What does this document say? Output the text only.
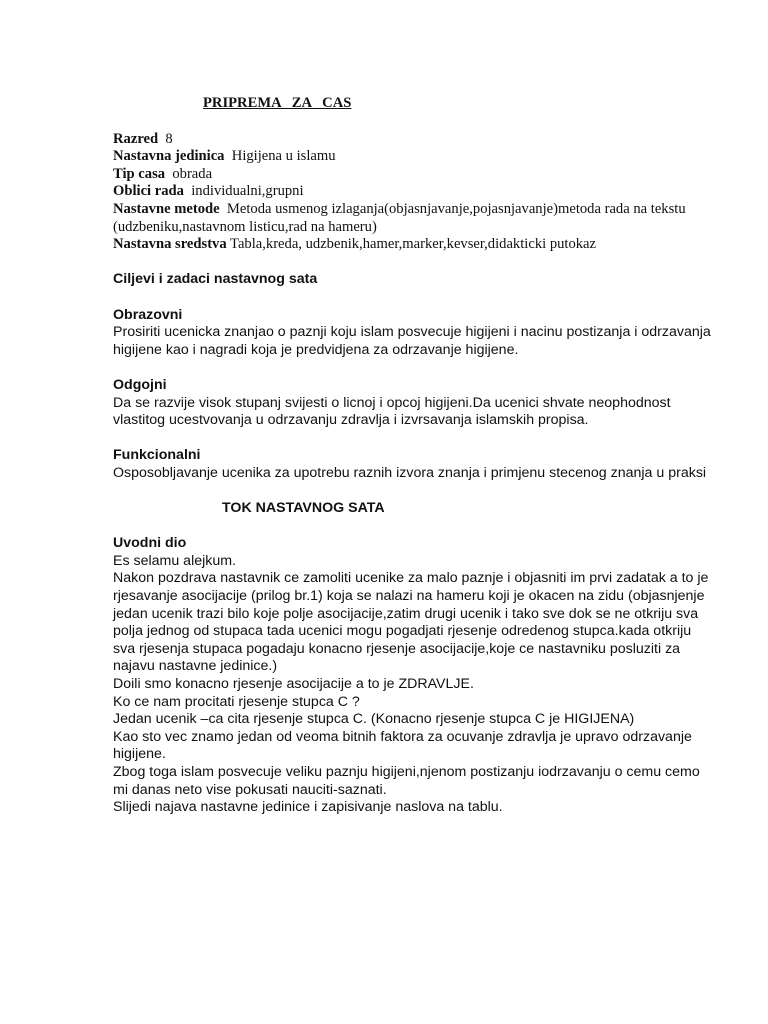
PRIPREMA   ZA   CAS

Razred 8

Nastavna jedinica Higijena u islamu

Tip casa obrada

Oblici rada individualni,grupni

Nastavne metode Metoda usmenog izlaganja(objasnjavanje,pojasnjavanje)metoda rada na tekstu (udzbeniku,nastavnom listicu,rad na hameru)

Nastavna sredstva Tabla,kreda, udzbenik,hamer,marker,kevser,didakticki putokaz

Ciljevi i zadaci nastavnog sata

Obrazovni

Prosiriti ucenicka znanjao o paznji koju islam posvecuje higijeni i nacinu postizanja i odrzavanja higijene kao i nagradi koja je predvidjena za odrzavanje higijene.

Odgojni

Da se razvije visok stupanj svijesti o licnoj i opcoj higijeni.Da ucenici shvate neophodnost vlastitog ucestvovanja u odrzavanju zdravlja i izvrsavanja islamskih propisa.

Funkcionalni

Osposobljavanje ucenika za upotrebu raznih izvora znanja i primjenu stecenog znanja u praksi

TOK NASTAVNOG SATA

Uvodni dio

Es selamu alejkum.

Nakon pozdrava nastavnik ce zamoliti ucenike za malo paznje i objasniti im prvi zadatak a to je rjesavanje asocijacije (prilog br.1) koja se nalazi na hameru koji je okacen na zidu (objasnjenje jedan ucenik trazi bilo koje polje asocijacije,zatim drugi ucenik i tako sve dok se ne otkriju sva polja jednog od stupaca tada ucenici mogu pogadjati rjesenje odredenog stupca.kada otkriju sva rjesenja stupaca pogadaju konacno rjesenje asocijacije,koje ce nastavniku posluziti za najavu nastavne jedinice.)

Doili smo konacno rjesenje asocijacije a to je ZDRAVLJE.

Ko ce nam procitati rjesenje stupca C ?

Jedan ucenik –ca cita rjesenje stupca C. (Konacno rjesenje stupca C je HIGIJENA)

Kao sto vec znamo jedan od veoma bitnih faktora za ocuvanje zdravlja je upravo odrzavanje higijene.

Zbog toga islam posvecuje veliku paznju higijeni,njenom postizanju iodrzavanju o cemu cemo mi danas neto vise pokusati nauciti-saznati.

Slijedi najava nastavne jedinice i zapisivanje naslova na tablu.
